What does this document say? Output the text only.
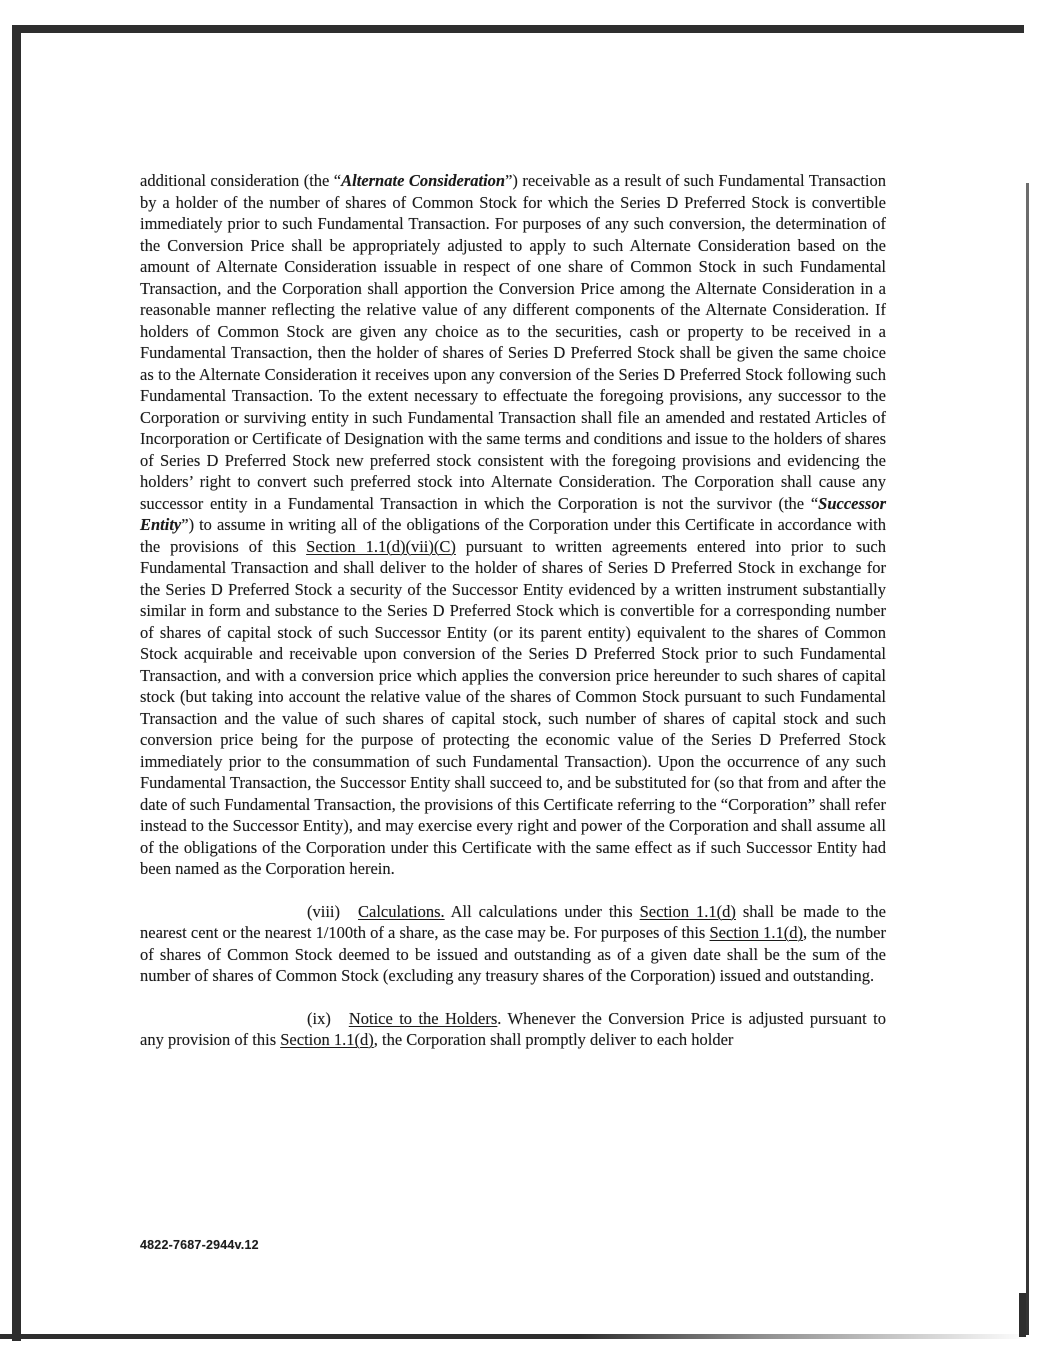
additional consideration (the “Alternate Consideration”) receivable as a result of such Fundamental Transaction by a holder of the number of shares of Common Stock for which the Series D Preferred Stock is convertible immediately prior to such Fundamental Transaction. For purposes of any such conversion, the determination of the Conversion Price shall be appropriately adjusted to apply to such Alternate Consideration based on the amount of Alternate Consideration issuable in respect of one share of Common Stock in such Fundamental Transaction, and the Corporation shall apportion the Conversion Price among the Alternate Consideration in a reasonable manner reflecting the relative value of any different components of the Alternate Consideration. If holders of Common Stock are given any choice as to the securities, cash or property to be received in a Fundamental Transaction, then the holder of shares of Series D Preferred Stock shall be given the same choice as to the Alternate Consideration it receives upon any conversion of the Series D Preferred Stock following such Fundamental Transaction. To the extent necessary to effectuate the foregoing provisions, any successor to the Corporation or surviving entity in such Fundamental Transaction shall file an amended and restated Articles of Incorporation or Certificate of Designation with the same terms and conditions and issue to the holders of shares of Series D Preferred Stock new preferred stock consistent with the foregoing provisions and evidencing the holders’ right to convert such preferred stock into Alternate Consideration. The Corporation shall cause any successor entity in a Fundamental Transaction in which the Corporation is not the survivor (the “Successor Entity”) to assume in writing all of the obligations of the Corporation under this Certificate in accordance with the provisions of this Section 1.1(d)(vii)(C) pursuant to written agreements entered into prior to such Fundamental Transaction and shall deliver to the holder of shares of Series D Preferred Stock in exchange for the Series D Preferred Stock a security of the Successor Entity evidenced by a written instrument substantially similar in form and substance to the Series D Preferred Stock which is convertible for a corresponding number of shares of capital stock of such Successor Entity (or its parent entity) equivalent to the shares of Common Stock acquirable and receivable upon conversion of the Series D Preferred Stock prior to such Fundamental Transaction, and with a conversion price which applies the conversion price hereunder to such shares of capital stock (but taking into account the relative value of the shares of Common Stock pursuant to such Fundamental Transaction and the value of such shares of capital stock, such number of shares of capital stock and such conversion price being for the purpose of protecting the economic value of the Series D Preferred Stock immediately prior to the consummation of such Fundamental Transaction). Upon the occurrence of any such Fundamental Transaction, the Successor Entity shall succeed to, and be substituted for (so that from and after the date of such Fundamental Transaction, the provisions of this Certificate referring to the “Corporation” shall refer instead to the Successor Entity), and may exercise every right and power of the Corporation and shall assume all of the obligations of the Corporation under this Certificate with the same effect as if such Successor Entity had been named as the Corporation herein.

(viii) Calculations. All calculations under this Section 1.1(d) shall be made to the nearest cent or the nearest 1/100th of a share, as the case may be. For purposes of this Section 1.1(d), the number of shares of Common Stock deemed to be issued and outstanding as of a given date shall be the sum of the number of shares of Common Stock (excluding any treasury shares of the Corporation) issued and outstanding.

(ix) Notice to the Holders. Whenever the Conversion Price is adjusted pursuant to any provision of this Section 1.1(d), the Corporation shall promptly deliver to each holder

4822-7687-2944v.12
